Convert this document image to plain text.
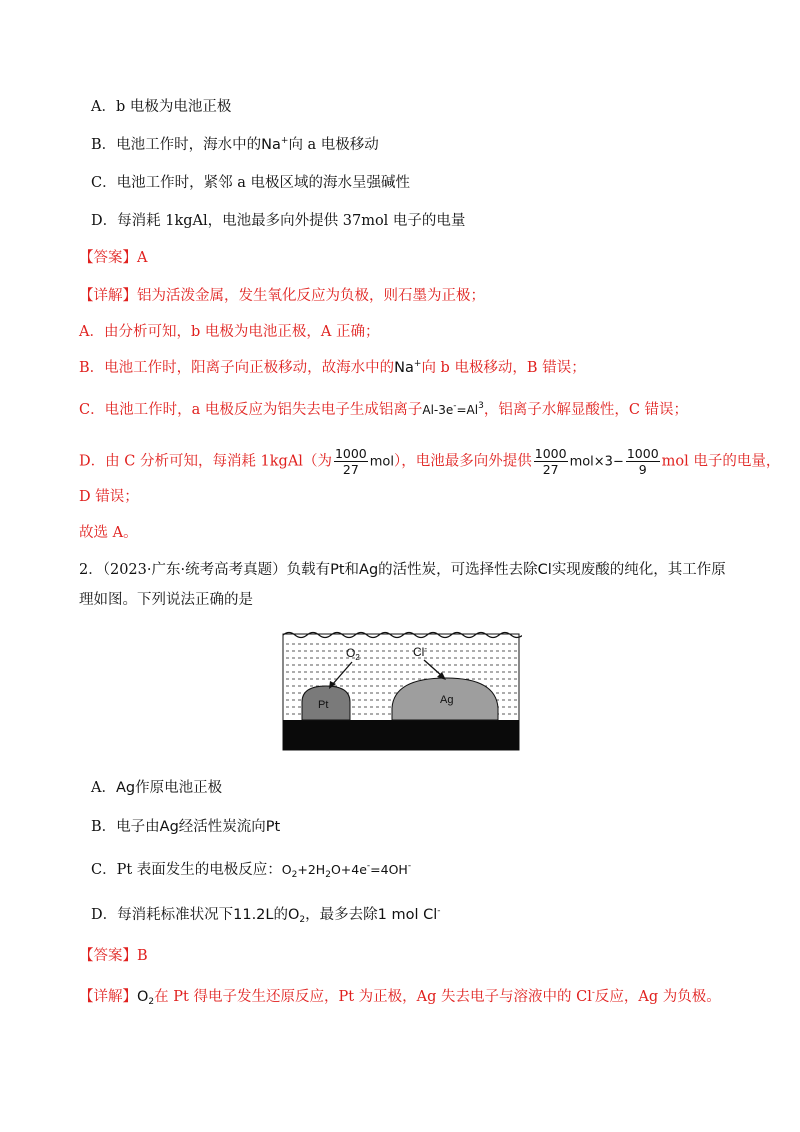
A．b 电极为电池正极
B．电池工作时，海水中的Na+向 a 电极移动
C．电池工作时，紧邻 a 电极区域的海水呈强碱性
D．每消耗 1kgAl，电池最多向外提供 37mol 电子的电量
【答案】A
【详解】铝为活泼金属，发生氧化反应为负极，则石墨为正极；
A．由分析可知，b 电极为电池正极，A 正确；
B．电池工作时，阳离子向正极移动，故海水中的Na+向 b 电极移动，B 错误；
C．电池工作时，a 电极反应为铝失去电子生成铝离子$Al-3e^-=Al^3$，铝离子水解显酸性，C 错误；
D．由 C 分析可知，每消耗 1kgAl（为 $\frac{1000}{27} mol$），电池最多向外提供 $\frac{1000}{27} mol\times 3- \frac{1000}{9}$ mol 电子的电量，
D 错误；
故选 A。
2．（2023·广东·统考高考真题）负载有Pt和Ag的活性炭，可选择性去除Cl实现废酸的纯化，其工作原
理如图。下列说法正确的是
Pt	Ag
$O_2$	Cl-
A．Ag作原电池正极
B．电子由Ag经活性炭流向Pt
C．Pt 表面发生的电极反应：$O_2+2H_2O+4e^-=4OH^-$
D．每消耗标准状况下11.2L的$O_2$，最多去除1 mol Cl-
【答案】B
【详解】$O_2$在 Pt 得电子发生还原反应，Pt 为正极，Ag 失去电子与溶液中的 Cl-反应，Ag 为负极。
